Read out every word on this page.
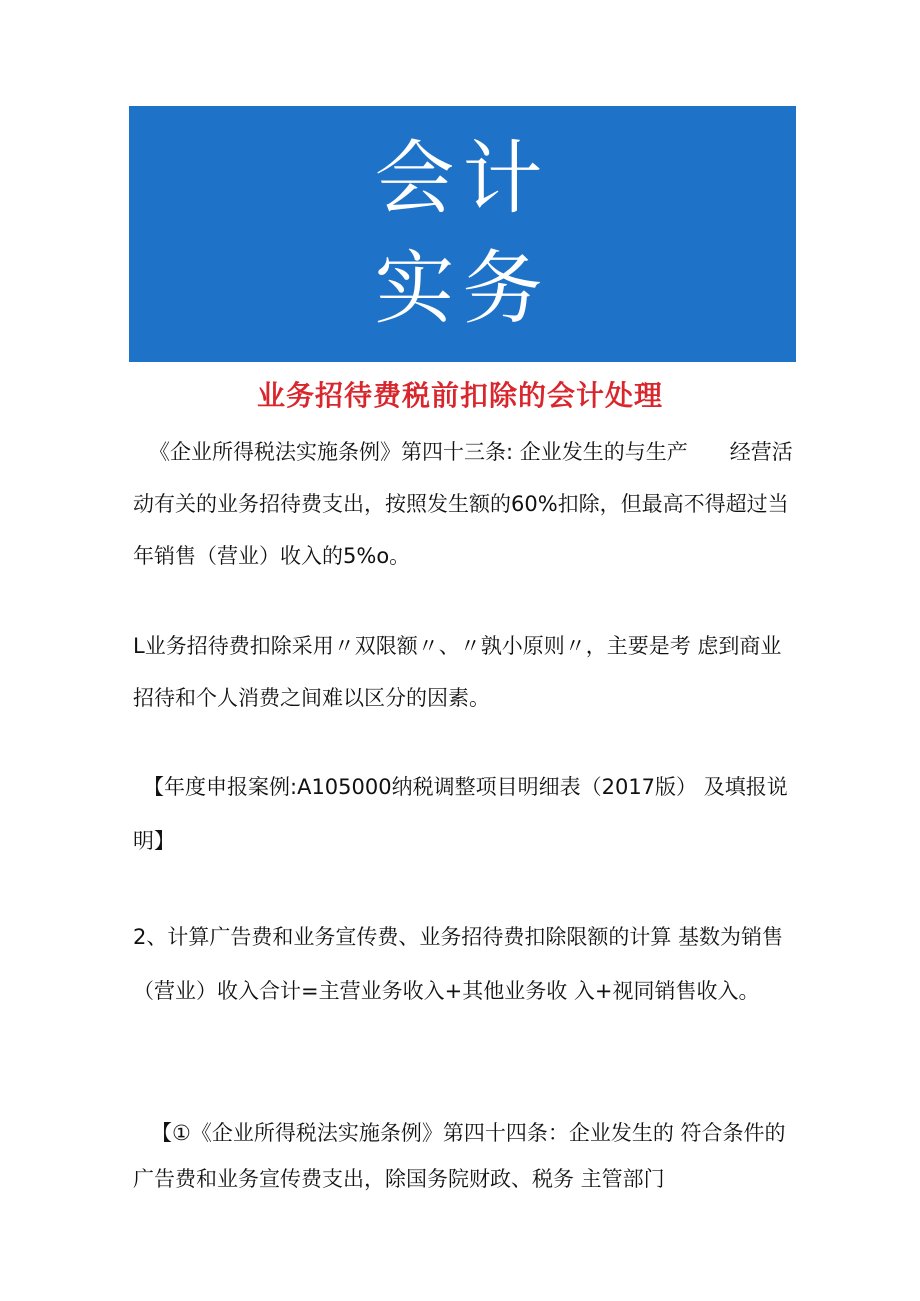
会计
实务
业务招待费税前扣除的会计处理

《企业所得税法实施条例》第四十三条: 企业发生的与生产　　经营活动有关的业务招待费支出，按照发生额的60%扣除，但最高不得超过当年销售（营业）收入的5%o。

L业务招待费扣除采用〃双限额〃、〃孰小原则〃，主要是考 虑到商业招待和个人消费之间难以区分的因素。

【年度申报案例:A105000纳税调整项目明细表（2017版） 及填报说明】

2、计算广告费和业务宣传费、业务招待费扣除限额的计算 基数为销售（营业）收入合计=主营业务收入+其他业务收 入+视同销售收入。

【①《企业所得税法实施条例》第四十四条：企业发生的 符合条件的广告费和业务宣传费支出，除国务院财政、税务 主管部门
